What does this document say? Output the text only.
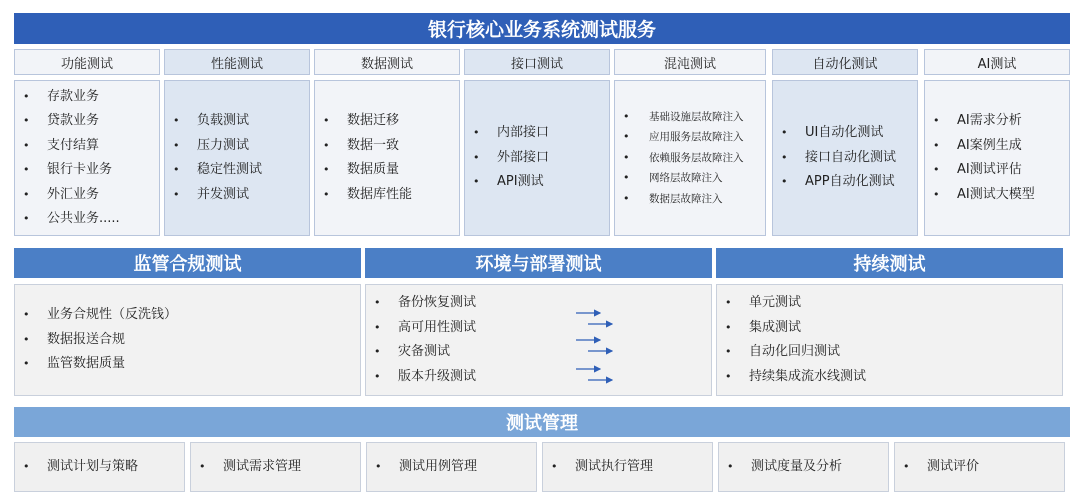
银行核心业务系统测试服务
功能测试	性能测试	数据测试	接口测试	混沌测试	自动化测试	AI测试
• 存款业务
• 贷款业务
• 支付结算
• 银行卡业务
• 外汇业务
• 公共业务.....
• 负载测试
• 压力测试
• 稳定性测试
• 并发测试
• 数据迁移
• 数据一致
• 数据质量
• 数据库性能
• 内部接口
• 外部接口
• API测试
• 基础设施层故障注入
• 应用服务层故障注入
• 依赖服务层故障注入
• 网络层故障注入
• 数据层故障注入
• UI自动化测试
• 接口自动化测试
• APP自动化测试
• AI需求分析
• AI案例生成
• AI测试评估
• AI测试大模型
监管合规测试	环境与部署测试	持续测试
• 业务合规性（反洗钱）
• 数据报送合规
• 监管数据质量
• 备份恢复测试
• 高可用性测试
• 灾备测试
• 版本升级测试
• 单元测试
• 集成测试
• 自动化回归测试
• 持续集成流水线测试
测试管理
• 测试计划与策略	• 测试需求管理	• 测试用例管理	• 测试执行管理	• 测试度量及分析	• 测试评价
